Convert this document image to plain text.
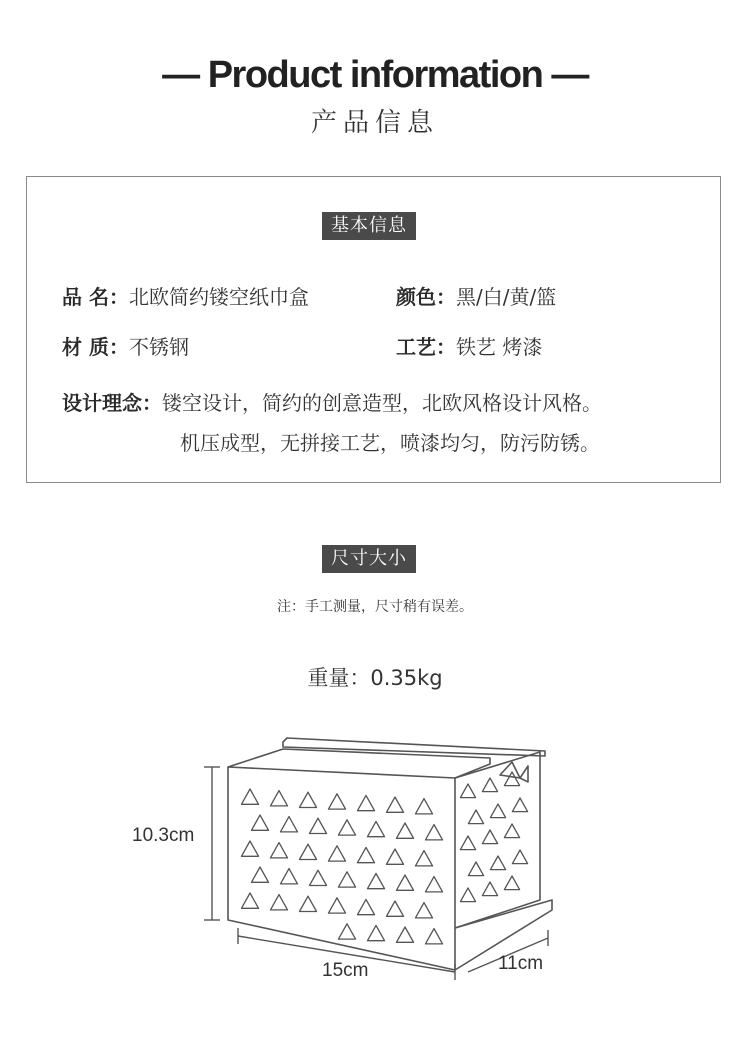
— Product information —
产品信息
基本信息
品 名：北欧简约镂空纸巾盒	颜色：黑/白/黄/篮
材 质：不锈钢	工艺：铁艺 烤漆
设计理念：镂空设计，简约的创意造型，北欧风格设计风格。
机压成型，无拼接工艺，喷漆均匀，防污防锈。
尺寸大小
注：手工测量，尺寸稍有误差。
重量：0.35kg
10.3cm
15cm	11cm
